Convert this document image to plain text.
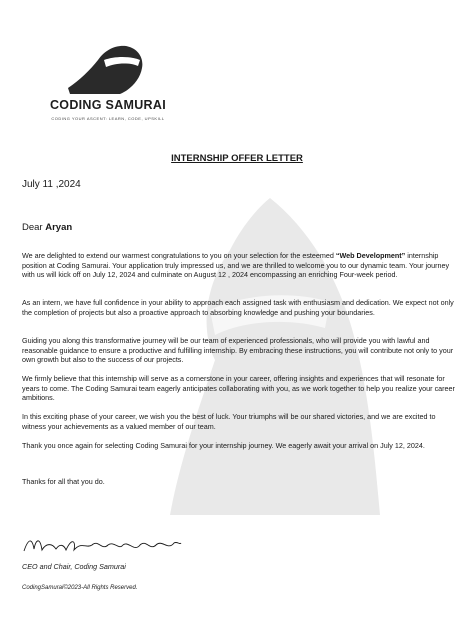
CODING SAMURAI
CODING YOUR ASCENT: LEARN, CODE, UPSKILL
INTERNSHIP OFFER LETTER
July 11 ,2024
Dear Aryan

We are delighted to extend our warmest congratulations to you on your selection for the esteemed “Web Development” internship position at Coding Samurai. Your application truly impressed us, and we are thrilled to welcome you to our dynamic team. Your journey with us will kick off on July 12, 2024 and culminate on August 12 , 2024 encompassing an enriching Four-week period.

As an intern, we have full confidence in your ability to approach each assigned task with enthusiasm and dedication. We expect not only the completion of projects but also a proactive approach to absorbing knowledge and pushing your boundaries.

Guiding you along this transformative journey will be our team of experienced professionals, who will provide you with lawful and reasonable guidance to ensure a productive and fulfilling internship. By embracing these instructions, you will contribute not only to your own growth but also to the success of our projects.

We firmly believe that this internship will serve as a cornerstone in your career, offering insights and experiences that will resonate for years to come. The Coding Samurai team eagerly anticipates collaborating with you, as we work together to help you realize your career ambitions.

In this exciting phase of your career, we wish you the best of luck. Your triumphs will be our shared victories, and we are excited to witness your achievements as a valued member of our team.

Thank you once again for selecting Coding Samurai for your internship journey. We eagerly await your arrival on July 12, 2024.

Thanks for all that you do.

Mohd Asham Onjim

CEO and Chair, Coding Samurai

CodingSamurai©2023-All Rights Reserved.
